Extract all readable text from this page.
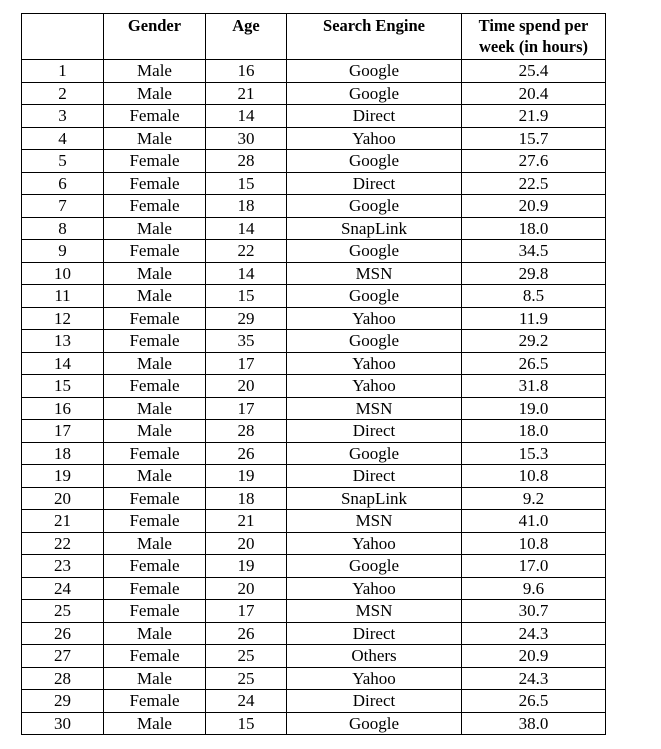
	Gender	Age	Search Engine	Time spend per week (in hours)
1	Male	16	Google	25.4
2	Male	21	Google	20.4
3	Female	14	Direct	21.9
4	Male	30	Yahoo	15.7
5	Female	28	Google	27.6
6	Female	15	Direct	22.5
7	Female	18	Google	20.9
8	Male	14	SnapLink	18.0
9	Female	22	Google	34.5
10	Male	14	MSN	29.8
11	Male	15	Google	8.5
12	Female	29	Yahoo	11.9
13	Female	35	Google	29.2
14	Male	17	Yahoo	26.5
15	Female	20	Yahoo	31.8
16	Male	17	MSN	19.0
17	Male	28	Direct	18.0
18	Female	26	Google	15.3
19	Male	19	Direct	10.8
20	Female	18	SnapLink	9.2
21	Female	21	MSN	41.0
22	Male	20	Yahoo	10.8
23	Female	19	Google	17.0
24	Female	20	Yahoo	9.6
25	Female	17	MSN	30.7
26	Male	26	Direct	24.3
27	Female	25	Others	20.9
28	Male	25	Yahoo	24.3
29	Female	24	Direct	26.5
30	Male	15	Google	38.0
